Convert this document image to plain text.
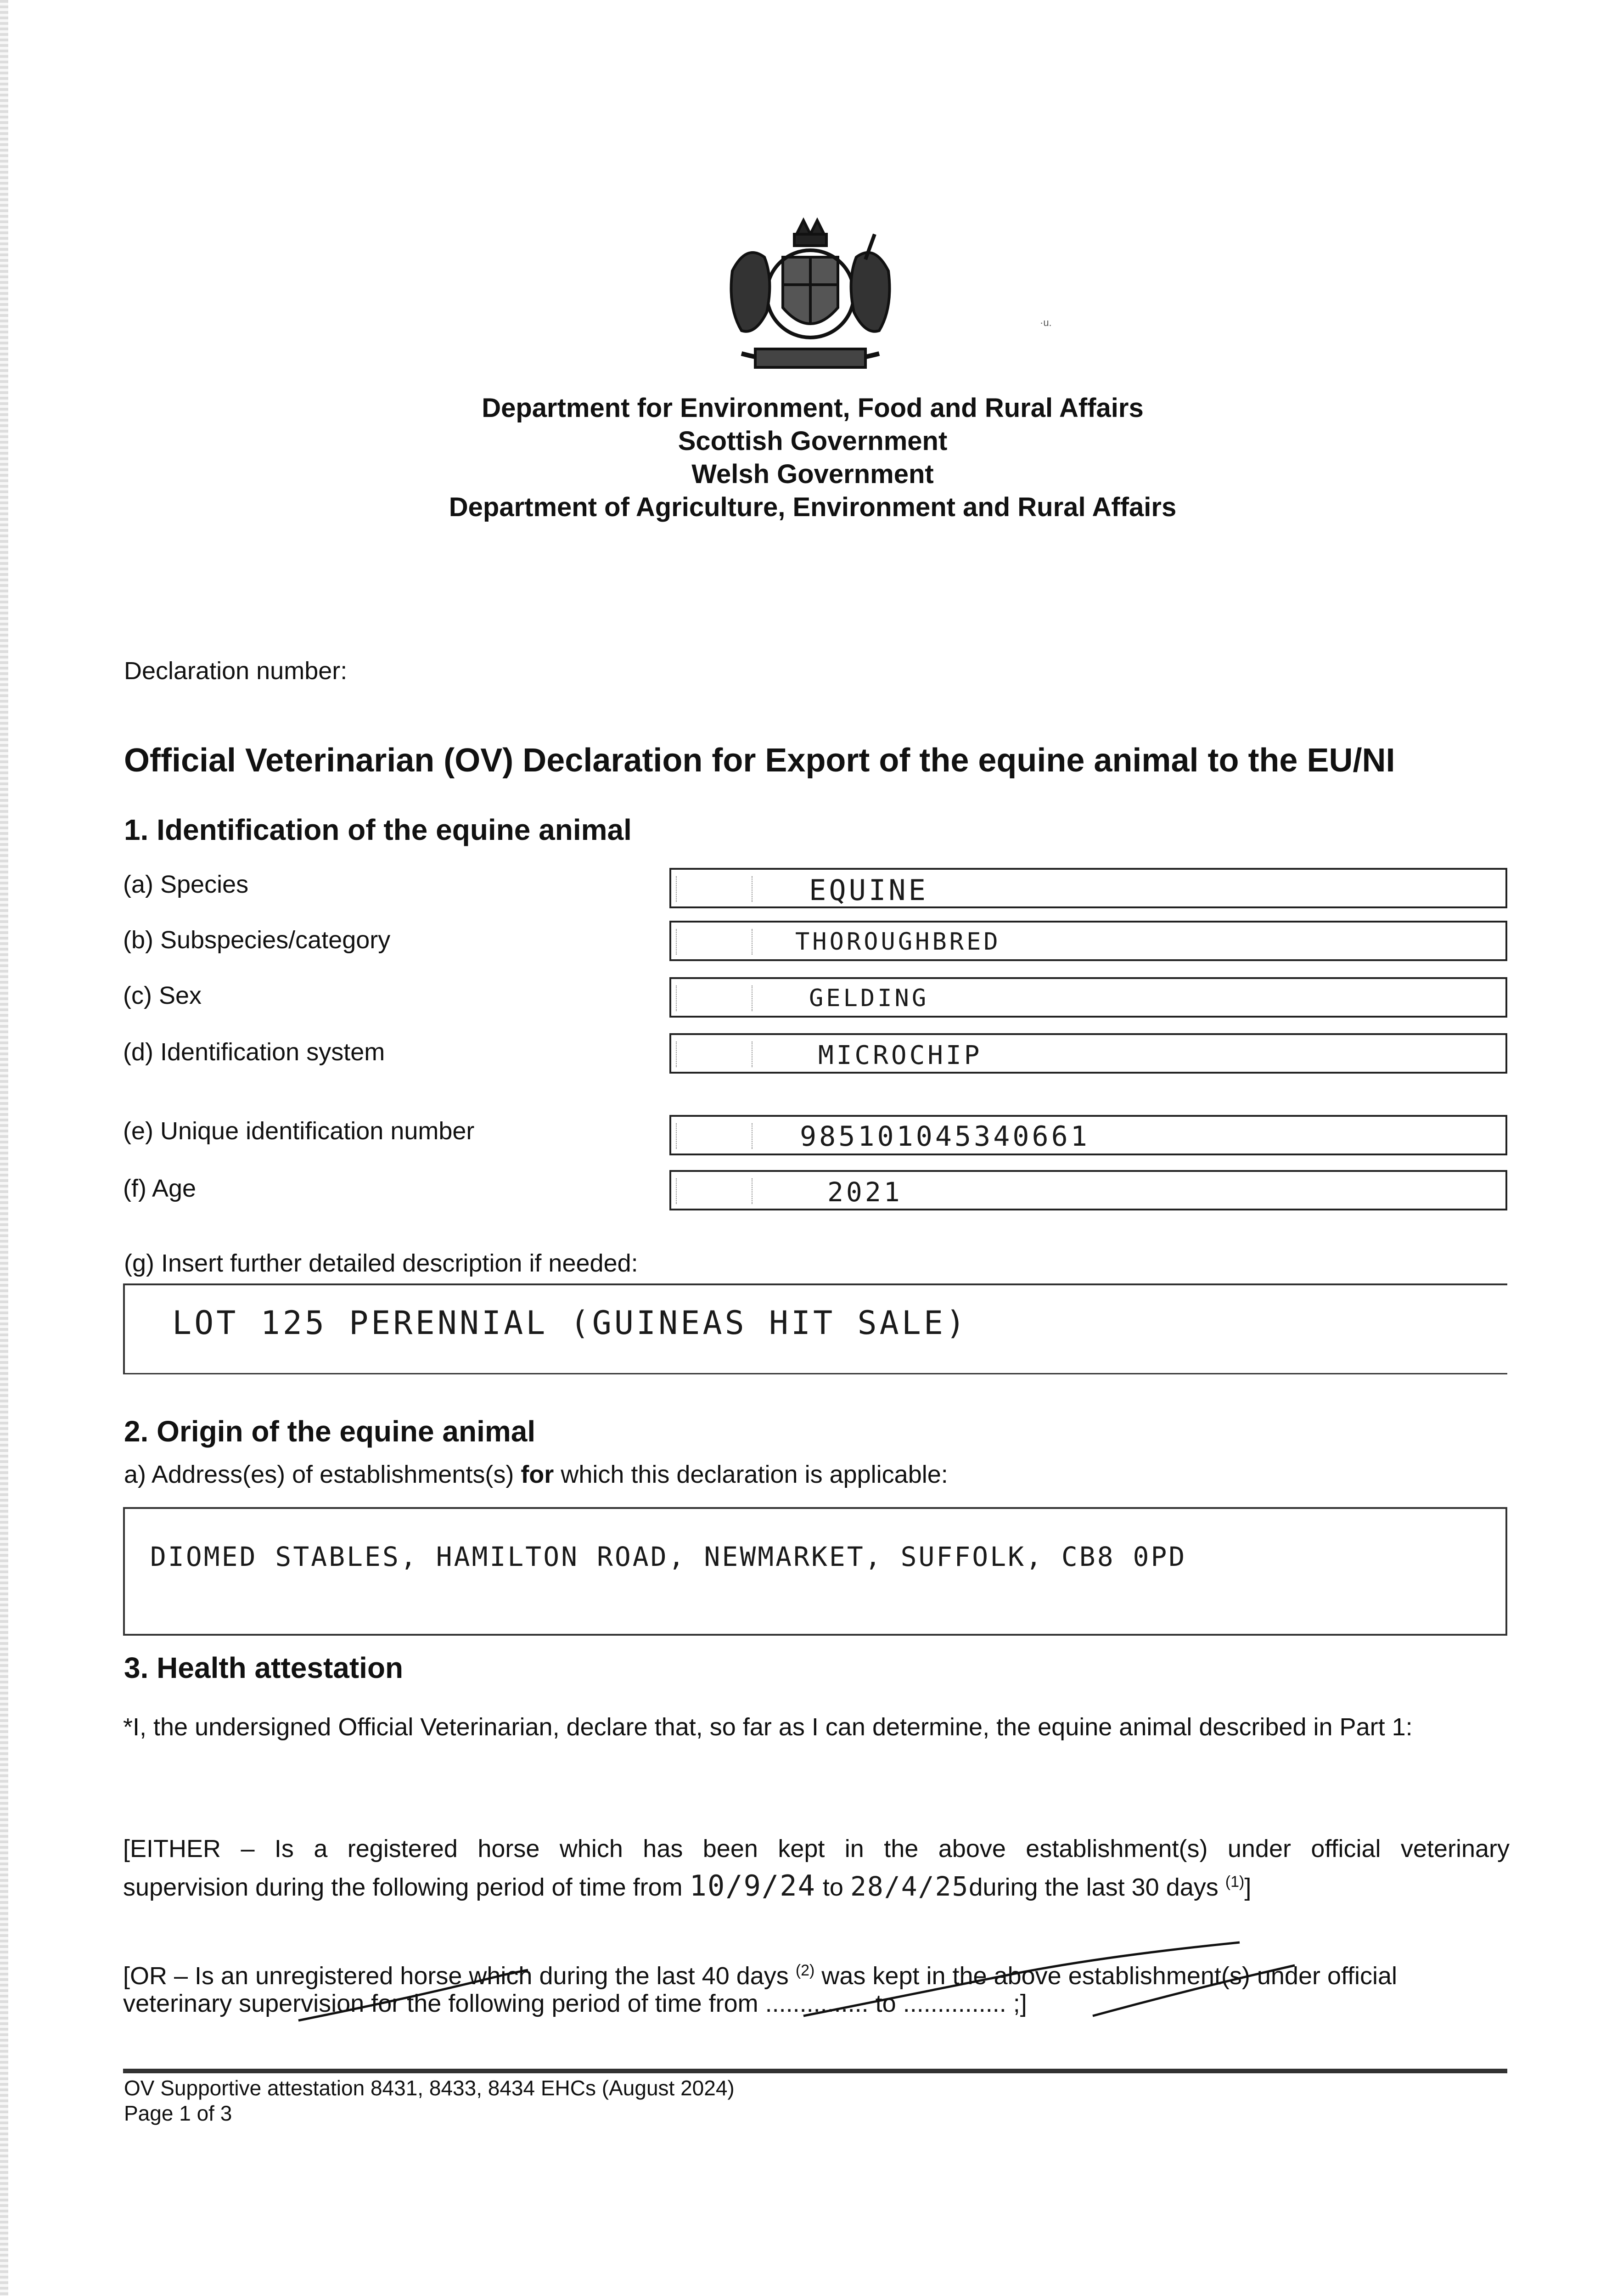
·u.
Department for Environment, Food and Rural Affairs
Scottish Government
Welsh Government
Department of Agriculture, Environment and Rural Affairs
Declaration number:
Official Veterinarian (OV) Declaration for Export of the equine animal to the EU/NI
1. Identification of the equine animal
(a) Species	EQUINE
(b) Subspecies/category	THOROUGHBRED
(c) Sex	GELDING
(d) Identification system	MICROCHIP
(e) Unique identification number	985101045340661
(f) Age	2021
(g) Insert further detailed description if needed:
LOT 125 PERENNIAL (GUINEAS HIT SALE)
2. Origin of the equine animal
a) Address(es) of establishments(s) for which this declaration is applicable:
DIOMED STABLES, HAMILTON ROAD, NEWMARKET, SUFFOLK, CB8 0PD
3. Health attestation
*I, the undersigned Official Veterinarian, declare that, so far as I can determine, the equine animal described in Part 1:
[EITHER – Is a registered horse which has been kept in the above establishment(s) under official veterinary
supervision during the following period of time from 10/9/24 to 28/4/25during the last 30 days $^{(1)}$]
[OR – Is an unregistered horse which during the last 40 days $^{(2)}$ was kept in the above establishment(s) under official
veterinary supervision for the following period of time from ............... to ............... ;]
OV Supportive attestation 8431, 8433, 8434 EHCs (August 2024)
Page 1 of 3
